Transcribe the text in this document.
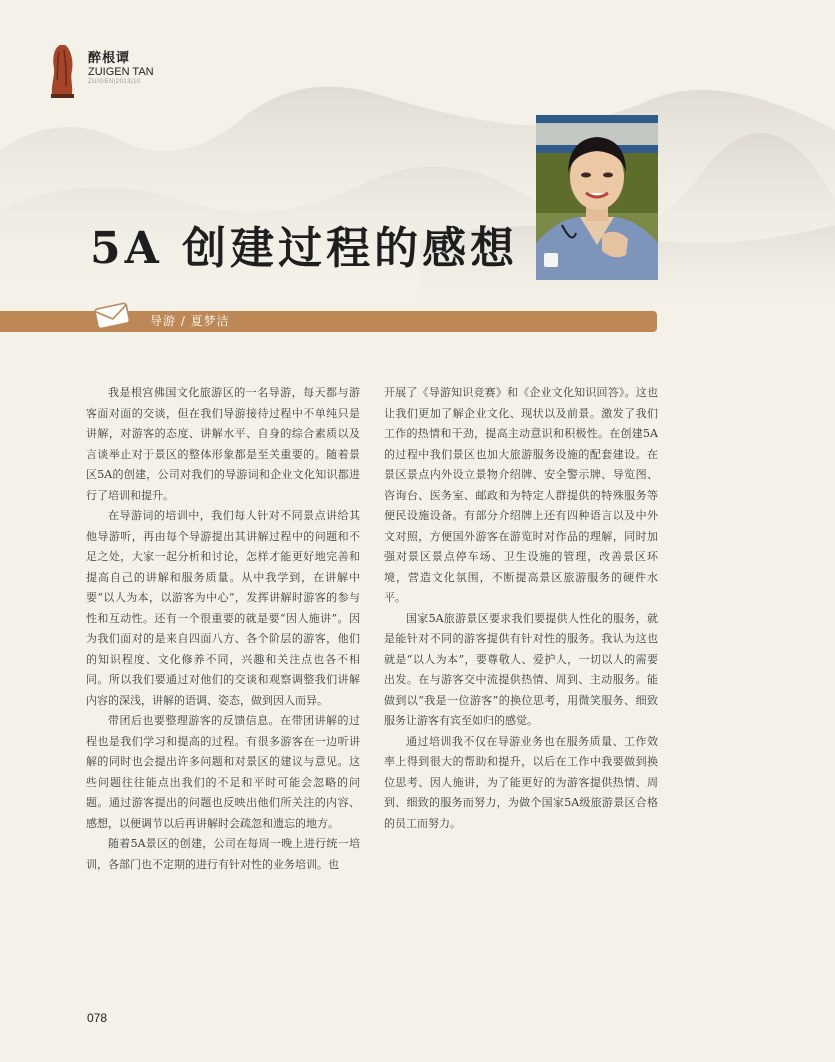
醉根谭
ZUIGEN TAN
ZUIGEN|2013|10
5A 创建过程的感想
导游 / 夏梦洁

我是根宫佛国文化旅游区的一名导游，每天都与游客面对面的交谈，但在我们导游接待过程中不单纯只是讲解，对游客的态度、讲解水平、自身的综合素质以及言谈举止对于景区的整体形象都是至关重要的。随着景区5A的创建，公司对我们的导游词和企业文化知识都进行了培训和提升。

在导游词的培训中，我们每人针对不同景点讲给其他导游听，再由每个导游提出其讲解过程中的问题和不足之处，大家一起分析和讨论，怎样才能更好地完善和提高自己的讲解和服务质量。从中我学到，在讲解中要“以人为本，以游客为中心”，发挥讲解时游客的参与性和互动性。还有一个很重要的就是要“因人施讲”。因为我们面对的是来自四面八方、各个阶层的游客，他们的知识程度、文化修养不同，兴趣和关注点也各不相同。所以我们要通过对他们的交谈和观察调整我们讲解内容的深浅，讲解的语调、姿态，做到因人而异。

带团后也要整理游客的反馈信息。在带团讲解的过程也是我们学习和提高的过程。有很多游客在一边听讲解的同时也会提出许多问题和对景区的建议与意见。这些问题往往能点出我们的不足和平时可能会忽略的问题。通过游客提出的问题也反映出他们所关注的内容、感想，以便调节以后再讲解时会疏忽和遗忘的地方。

随着5A景区的创建，公司在每周一晚上进行统一培训，各部门也不定期的进行有针对性的业务培训。也

开展了《导游知识竞赛》和《企业文化知识回答》。这也让我们更加了解企业文化、现状以及前景。激发了我们工作的热情和干劲，提高主动意识和积极性。在创建5A的过程中我们景区也加大旅游服务设施的配套建设。在景区景点内外设立景物介绍牌、安全警示牌、导览图、咨询台、医务室、邮政和为特定人群提供的特殊服务等便民设施设备。有部分介绍牌上还有四种语言以及中外文对照，方便国外游客在游览时对作品的理解，同时加强对景区景点停车场、卫生设施的管理，改善景区环境，营造文化氛围，不断提高景区旅游服务的硬件水平。

国家5A旅游景区要求我们要提供人性化的服务，就是能针对不同的游客提供有针对性的服务。我认为这也就是“以人为本”，要尊敬人、爱护人，一切以人的需要出发。在与游客交中流提供热情、周到、主动服务。能做到以“我是一位游客”的换位思考，用微笑服务、细致服务让游客有宾至如归的感觉。

通过培训我不仅在导游业务也在服务质量、工作效率上得到很大的帮助和提升，以后在工作中我要做到换位思考、因人施讲，为了能更好的为游客提供热情、周到、细致的服务而努力，为做个国家5A级旅游景区合格的员工而努力。

078
